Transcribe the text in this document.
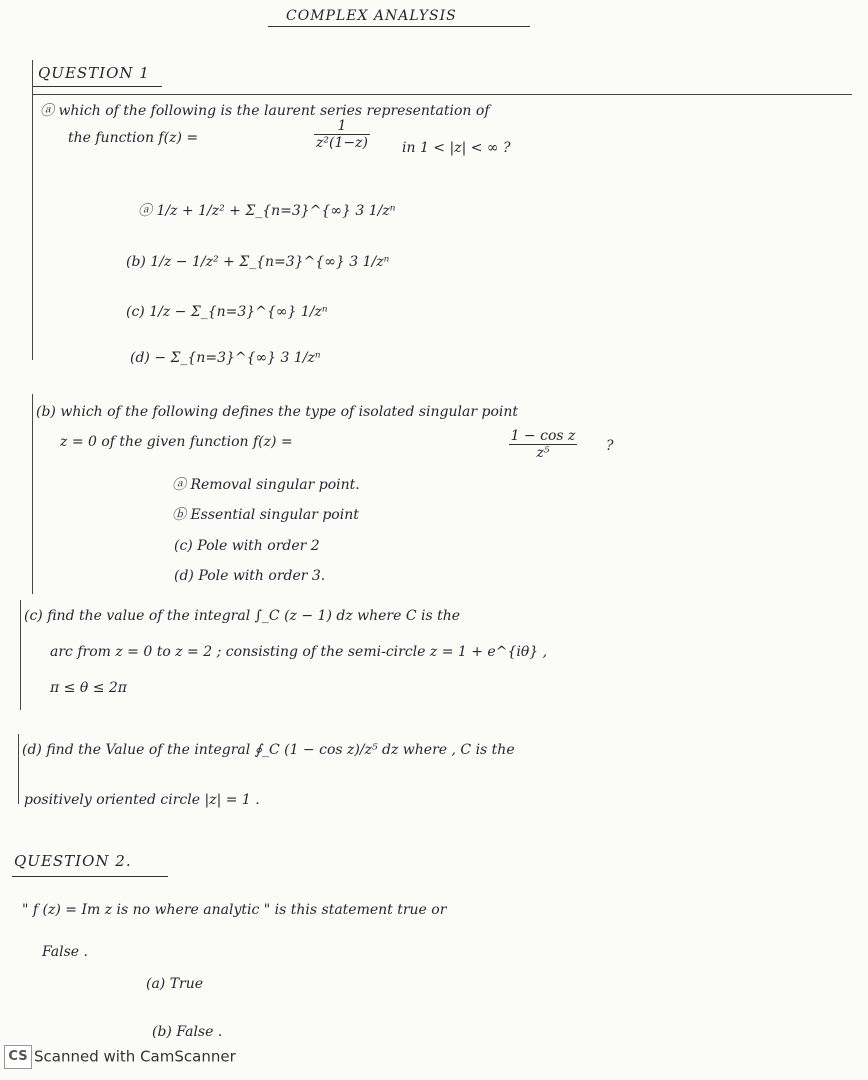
COMPLEX ANALYSIS
QUESTION 1
ⓐ which of the following is the laurent series representation of
the function f(z) =	$\frac{1}{\text{z²(1−z)}}$ in 1 < |z| < ∞ ?
ⓐ 1/z + 1/z² + Σ_{n=3}^{∞} 3 1/zⁿ
(b) 1/z − 1/z² + Σ_{n=3}^{∞} 3 1/zⁿ
(c) 1/z − Σ_{n=3}^{∞} 1/zⁿ
(d) − Σ_{n=3}^{∞} 3 1/zⁿ
(b) which of the following defines the type of isolated singular point
z = 0 of the given function f(z) =	$\frac{\text{1 − cos z}}{\text{z⁵}}$ ?
ⓐ Removal singular point.
ⓑ Essential singular point
(c) Pole with order 2
(d) Pole with order 3.
(c) find the value of the integral ∫_C (z − 1) dz where C is the
arc from z = 0 to z = 2 ; consisting of the semi-circle z = 1 + e^{iθ} ,
π ≤ θ ≤ 2π
(d) find the Value of the integral ∮_C (1 − cos z)/z⁵ dz where , C is the
positively oriented circle |z| = 1 .
QUESTION 2.
" f (z) = Im z is no where analytic " is this statement true or
False .
(a) True
(b) False .
CS Scanned with CamScanner
